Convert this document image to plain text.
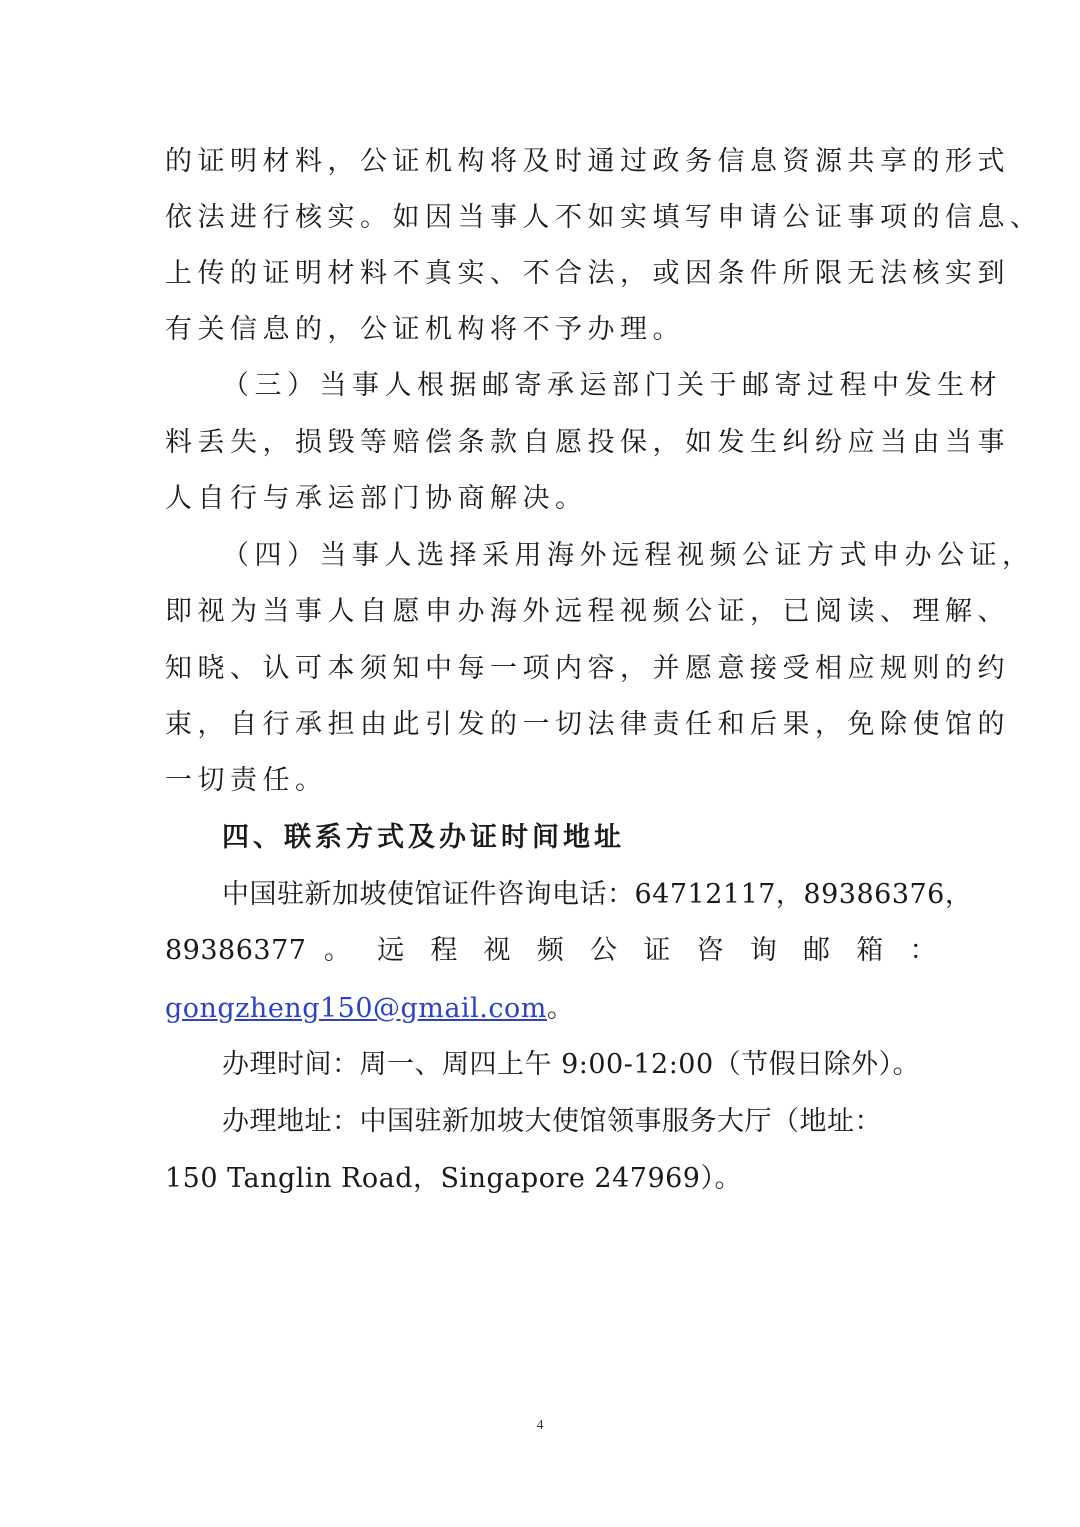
的证明材料，公证机构将及时通过政务信息资源共享的形式
依法进行核实。如因当事人不如实填写申请公证事项的信息、
上传的证明材料不真实、不合法，或因条件所限无法核实到
有关信息的，公证机构将不予办理。
（三）当事人根据邮寄承运部门关于邮寄过程中发生材
料丢失，损毁等赔偿条款自愿投保，如发生纠纷应当由当事
人自行与承运部门协商解决。
（四）当事人选择采用海外远程视频公证方式申办公证，
即视为当事人自愿申办海外远程视频公证，已阅读、理解、
知晓、认可本须知中每一项内容，并愿意接受相应规则的约
束，自行承担由此引发的一切法律责任和后果，免除使馆的
一切责任。
四、联系方式及办证时间地址
中国驻新加坡使馆证件咨询电话：64712117，89386376，
89386377 。 远 程 视 频 公 证 咨 询 邮 箱 ：
gongzheng150@gmail.com。
办理时间：周一、周四上午 9:00-12:00（节假日除外）。
办理地址：中国驻新加坡大使馆领事服务大厅（地址：
150 Tanglin Road，Singapore 247969）。
4
